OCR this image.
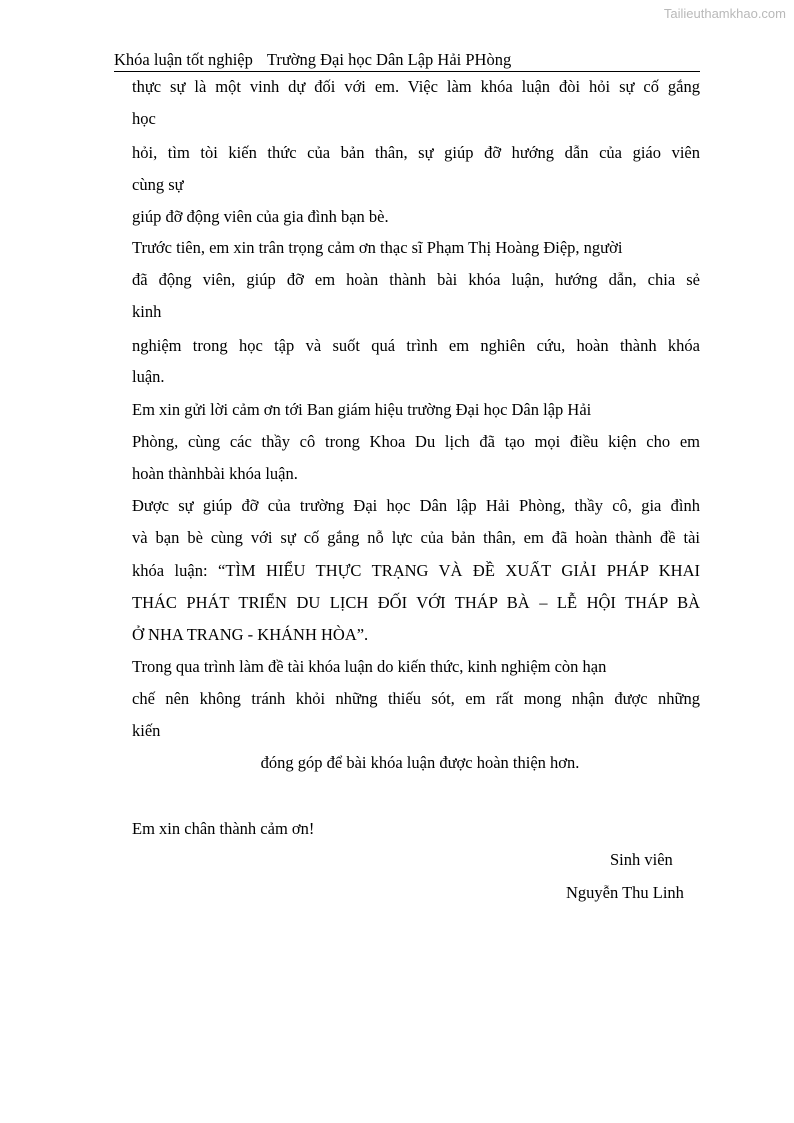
Tailieuthamkhao.com
Khóa luận tốt nghiệp Trường Đại học Dân Lập Hải PHòng
thực sự là một vinh dự đối với em. Việc làm khóa luận đòi hỏi sự cố gắng
học
hỏi, tìm tòi kiến thức của bản thân, sự giúp đỡ hướng dẫn của giáo viên
cùng sự
giúp đỡ động viên của gia đình bạn bè.
Trước tiên, em xin trân trọng cảm ơn thạc sĩ Phạm Thị Hoàng Điệp, người
đã động viên, giúp đỡ em hoàn thành bài khóa luận, hướng dẫn, chia sẻ
kinh
nghiệm trong học tập và suốt quá trình em nghiên cứu, hoàn thành khóa
luận.
Em xin gửi lời cảm ơn tới Ban giám hiệu trường Đại học Dân lập Hải
Phòng, cùng các thầy cô trong Khoa Du lịch đã tạo mọi điều kiện cho em
hoàn thànhbài khóa luận.
Được sự giúp đỡ của trường Đại học Dân lập Hải Phòng, thầy cô, gia đình
và bạn bè cùng với sự cố gắng nỗ lực của bản thân, em đã hoàn thành đề tài
khóa luận: “TÌM HIỂU THỰC TRẠNG VÀ ĐỀ XUẤT GIẢI PHÁP KHAI
THÁC PHÁT TRIỂN DU LỊCH ĐỐI VỚI THÁP BÀ – LỄ HỘI THÁP BÀ
Ở NHA TRANG - KHÁNH HÒA”.
Trong qua trình làm đề tài khóa luận do kiến thức, kinh nghiệm còn hạn
chế nên không tránh khỏi những thiếu sót, em rất mong nhận được những
kiến
đóng góp để bài khóa luận được hoàn thiện hơn.
Em xin chân thành cảm ơn!
Sinh viên
Nguyễn Thu Linh
